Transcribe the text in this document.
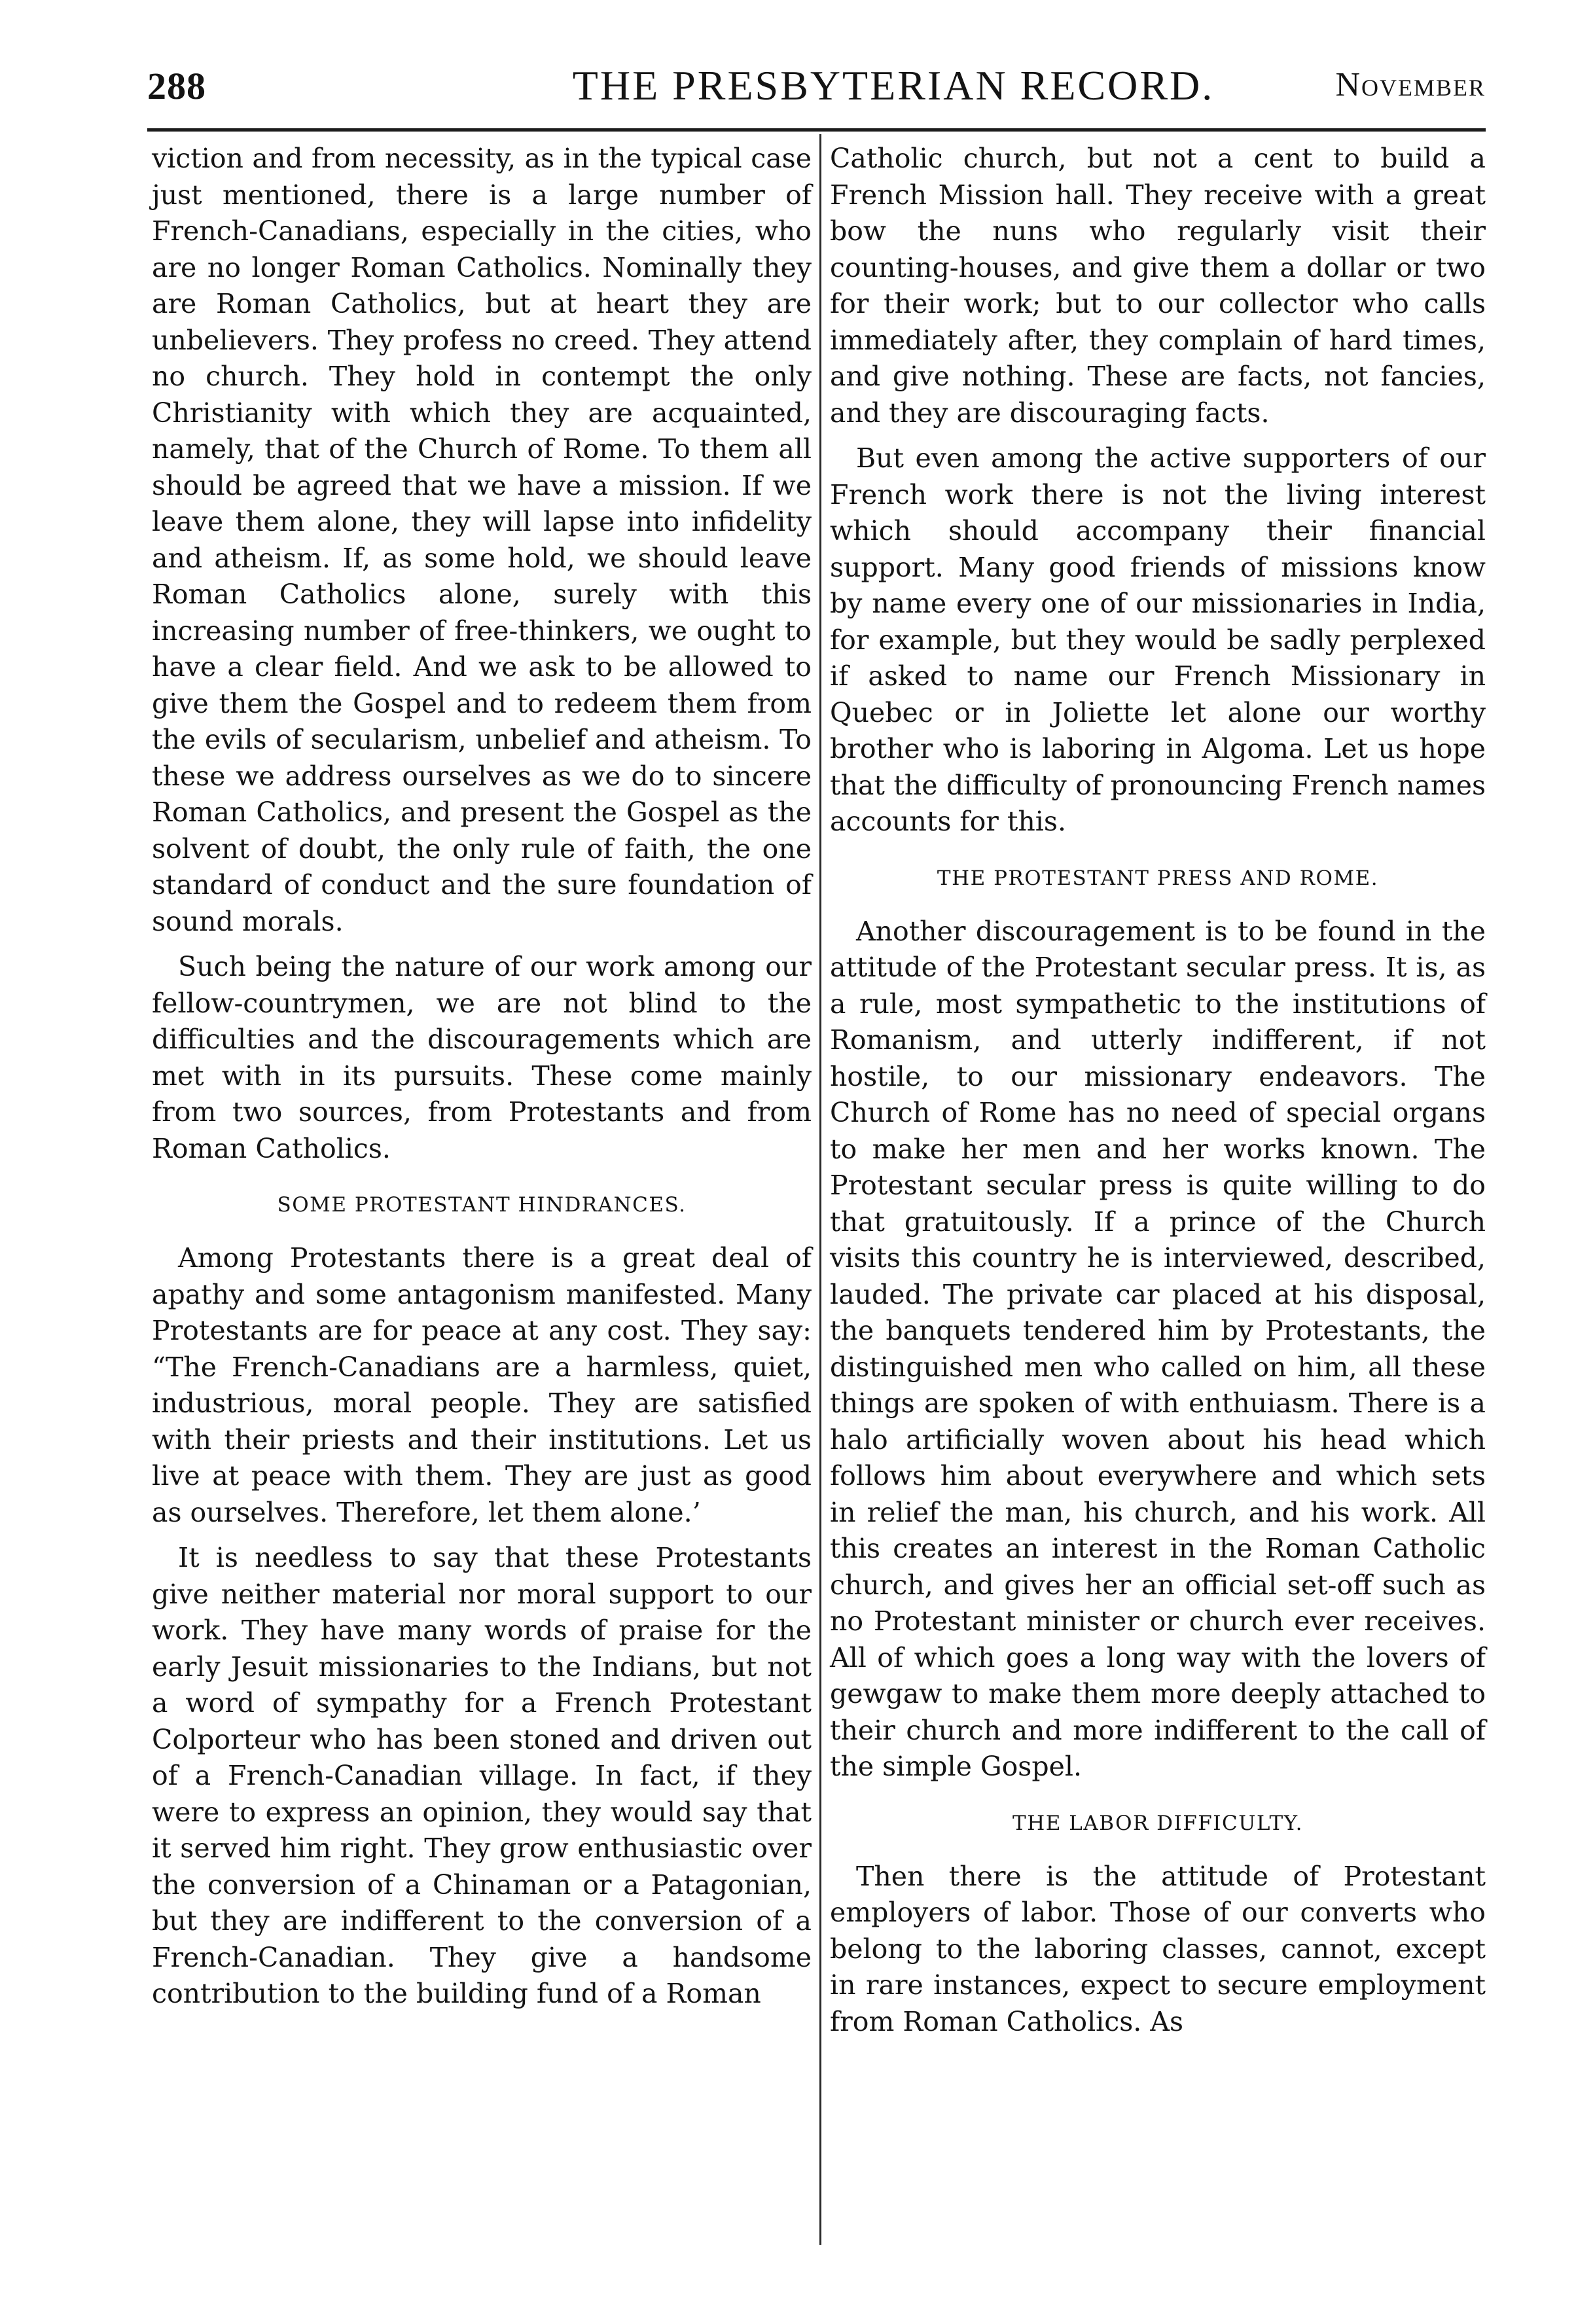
288	THE PRESBYTERIAN RECORD.	November

viction and from necessity, as in the typical case just mentioned, there is a large number of French-Canadians, especially in the cities, who are no longer Roman Catholics. Nominally they are Roman Catholics, but at heart they are unbelievers. They profess no creed. They attend no church. They hold in contempt the only Christianity with which they are acquainted, namely, that of the Church of Rome. To them all should be agreed that we have a mission. If we leave them alone, they will lapse into infidelity and atheism. If, as some hold, we should leave Roman Catholics alone, surely with this increasing number of free-thinkers, we ought to have a clear field. And we ask to be allowed to give them the Gospel and to redeem them from the evils of secularism, unbelief and atheism. To these we address ourselves as we do to sincere Roman Catholics, and present the Gospel as the solvent of doubt, the only rule of faith, the one standard of conduct and the sure foundation of sound morals.

Such being the nature of our work among our fellow-countrymen, we are not blind to the difficulties and the discouragements which are met with in its pursuits. These come mainly from two sources, from Protestants and from Roman Catholics.

SOME PROTESTANT HINDRANCES.

Among Protestants there is a great deal of apathy and some antagonism manifested. Many Protestants are for peace at any cost. They say: “The French-Canadians are a harmless, quiet, industrious, moral people. They are satisfied with their priests and their institutions. Let us live at peace with them. They are just as good as ourselves. Therefore, let them alone.’

It is needless to say that these Protestants give neither material nor moral support to our work. They have many words of praise for the early Jesuit missionaries to the Indians, but not a word of sympathy for a French Protestant Colporteur who has been stoned and driven out of a French-Canadian village. In fact, if they were to express an opinion, they would say that it served him right. They grow enthusiastic over the conversion of a Chinaman or a Patagonian, but they are indifferent to the conversion of a French-Canadian. They give a handsome contribution to the building fund of a Roman

Catholic church, but not a cent to build a French Mission hall. They receive with a great bow the nuns who regularly visit their counting-houses, and give them a dollar or two for their work; but to our collector who calls immediately after, they complain of hard times, and give nothing. These are facts, not fancies, and they are discouraging facts.

But even among the active supporters of our French work there is not the living interest which should accompany their financial support. Many good friends of missions know by name every one of our missionaries in India, for example, but they would be sadly perplexed if asked to name our French Missionary in Quebec or in Joliette let alone our worthy brother who is laboring in Algoma. Let us hope that the difficulty of pronouncing French names accounts for this.

THE PROTESTANT PRESS AND ROME.

Another discouragement is to be found in the attitude of the Protestant secular press. It is, as a rule, most sympathetic to the institutions of Romanism, and utterly indifferent, if not hostile, to our missionary endeavors. The Church of Rome has no need of special organs to make her men and her works known. The Protestant secular press is quite willing to do that gratuitously. If a prince of the Church visits this country he is interviewed, described, lauded. The private car placed at his disposal, the banquets tendered him by Protestants, the distinguished men who called on him, all these things are spoken of with enthuiasm. There is a halo artificially woven about his head which follows him about everywhere and which sets in relief the man, his church, and his work. All this creates an interest in the Roman Catholic church, and gives her an official set-off such as no Protestant minister or church ever receives. All of which goes a long way with the lovers of gewgaw to make them more deeply attached to their church and more indifferent to the call of the simple Gospel.

THE LABOR DIFFICULTY.

Then there is the attitude of Protestant employers of labor. Those of our converts who belong to the laboring classes, cannot, except in rare instances, expect to secure employment from Roman Catholics. As
